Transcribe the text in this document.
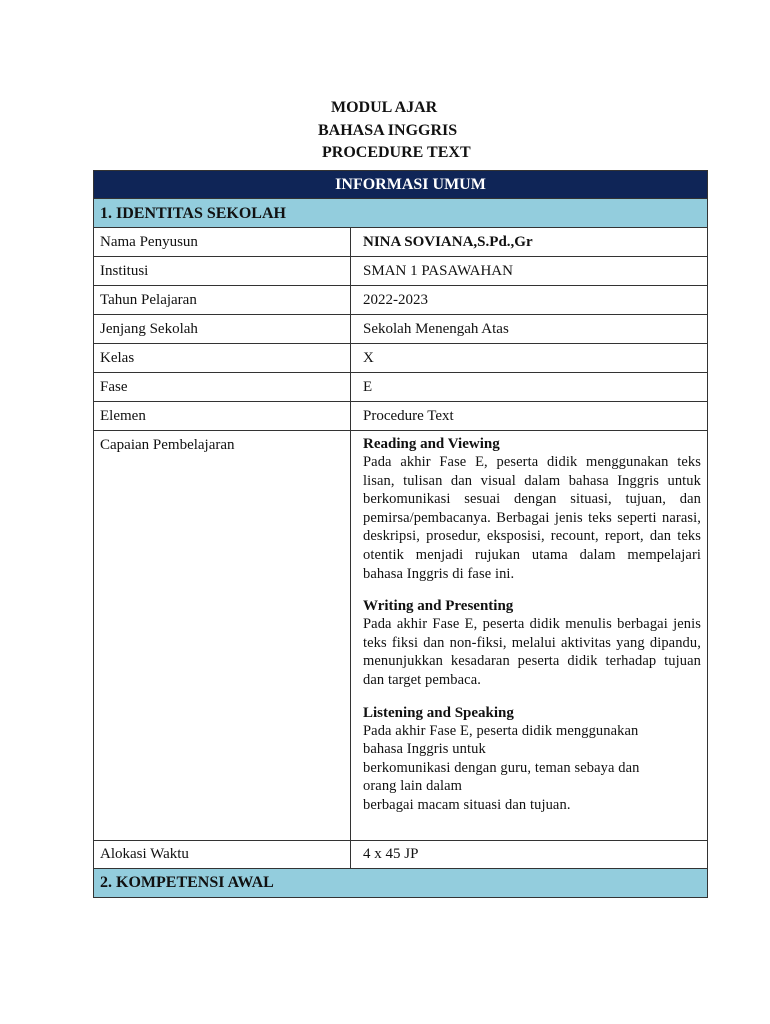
MODUL AJAR
BAHASA INGGRIS
PROCEDURE TEXT
INFORMASI UMUM
1. IDENTITAS SEKOLAH
Nama Penyusun	NINA SOVIANA,S.Pd.,Gr
Institusi	SMAN 1 PASAWAHAN
Tahun Pelajaran	2022-2023
Jenjang Sekolah	Sekolah Menengah Atas
Kelas	X
Fase	E
Elemen	Procedure Text
Capaian Pembelajaran	Reading and Viewing
Pada akhir Fase E, peserta didik menggunakan teks lisan, tulisan dan visual dalam bahasa Inggris untuk berkomunikasi sesuai dengan situasi, tujuan, dan pemirsa/pembacanya. Berbagai jenis teks seperti narasi, deskripsi, prosedur, eksposisi, recount, report, dan teks otentik menjadi rujukan utama dalam mempelajari bahasa Inggris di fase ini.
Writing and Presenting
Pada akhir Fase E, peserta didik menulis berbagai jenis teks fiksi dan non-fiksi, melalui aktivitas yang dipandu, menunjukkan kesadaran peserta didik terhadap tujuan dan target pembaca.
Listening and Speaking
Pada akhir Fase E, peserta didik menggunakan
bahasa Inggris untuk
berkomunikasi dengan guru, teman sebaya dan
orang lain dalam
berbagai macam situasi dan tujuan.
Alokasi Waktu	4 x 45 JP
2. KOMPETENSI AWAL
